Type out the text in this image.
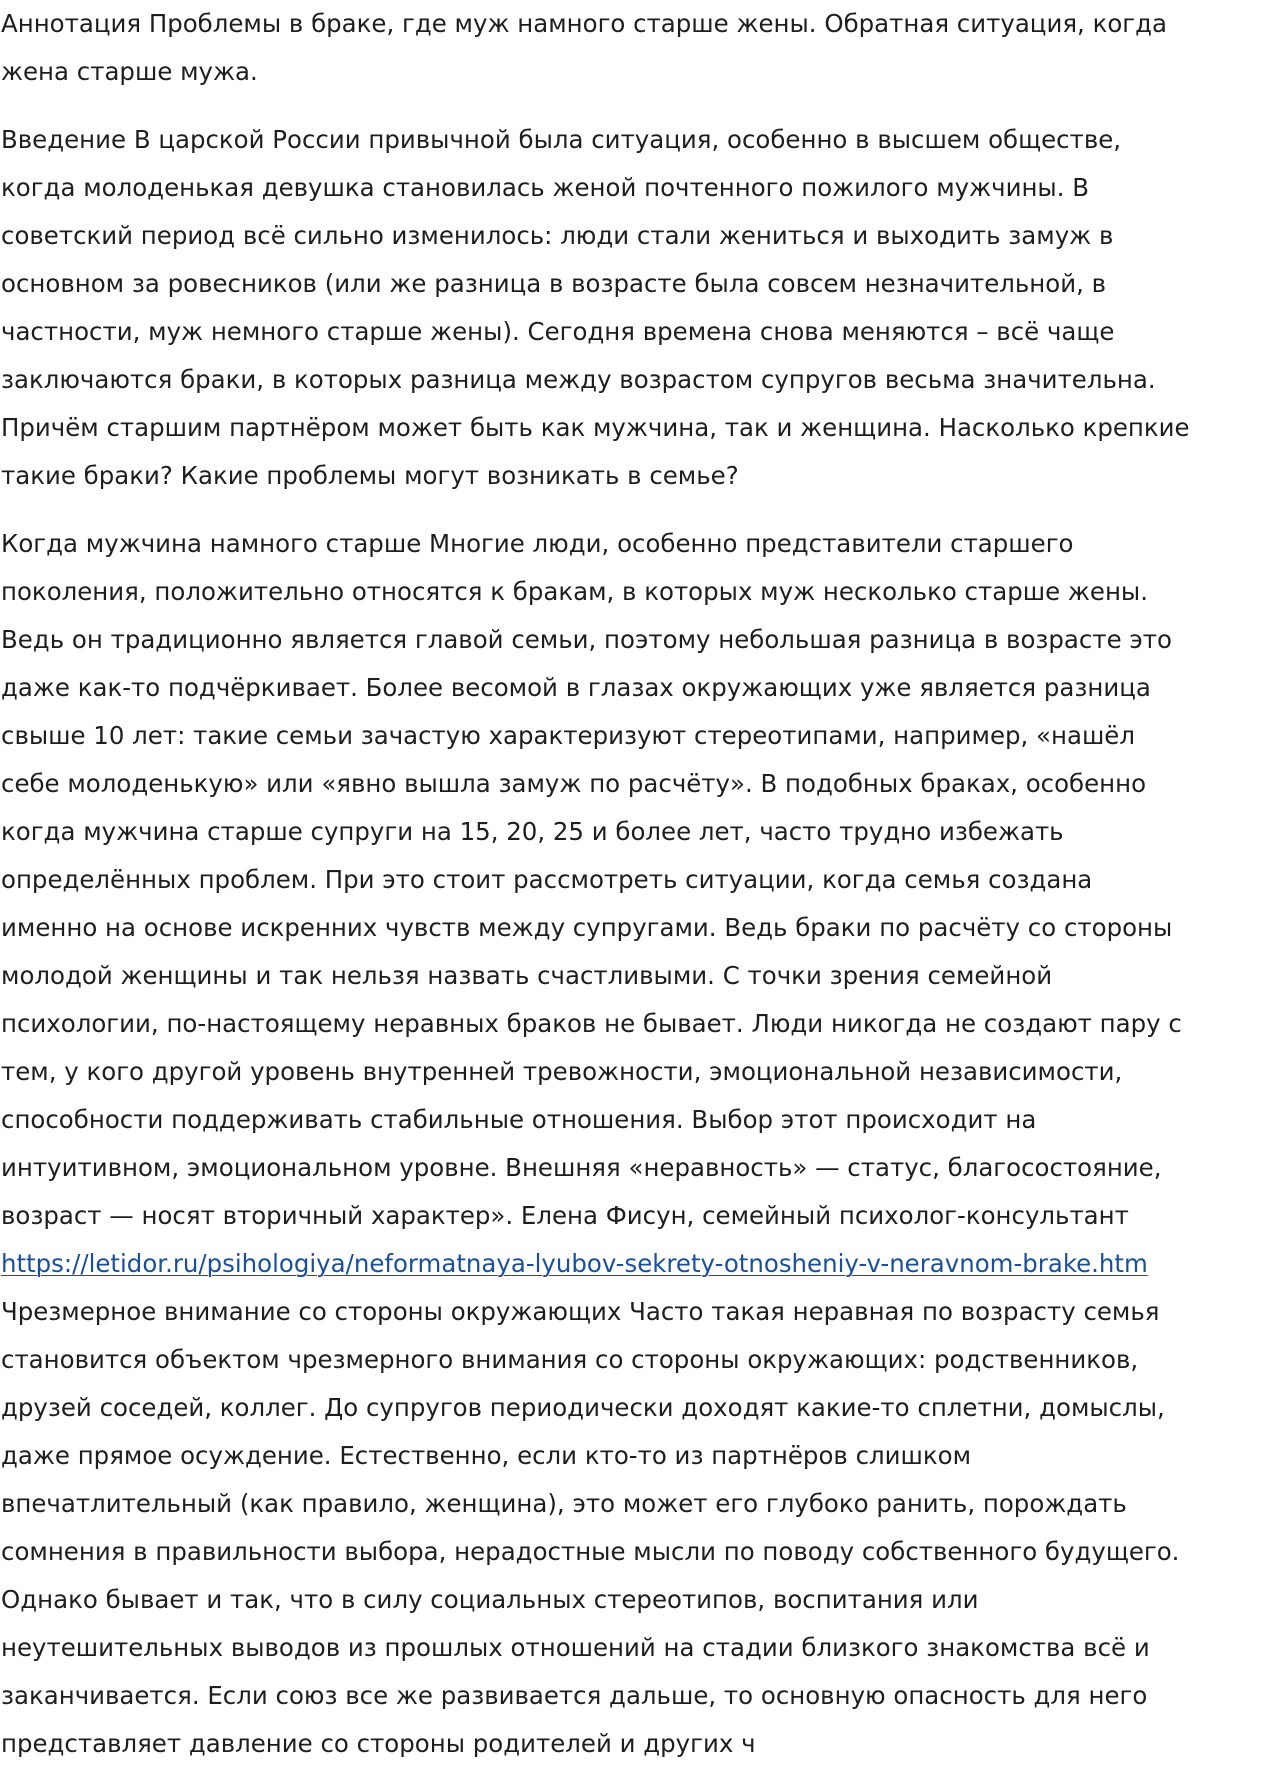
Аннотация Проблемы в браке, где муж намного старше жены. Обратная ситуация, когда
жена старше мужа.
Введение В царской России привычной была ситуация, особенно в высшем обществе,
когда молоденькая девушка становилась женой почтенного пожилого мужчины. В
советский период всё сильно изменилось: люди стали жениться и выходить замуж в
основном за ровесников (или же разница в возрасте была совсем незначительной, в
частности, муж немного старше жены). Сегодня времена снова меняются – всё чаще
заключаются браки, в которых разница между возрастом супругов весьма значительна.
Причём старшим партнёром может быть как мужчина, так и женщина. Насколько крепкие
такие браки? Какие проблемы могут возникать в семье?
Когда мужчина намного старше Многие люди, особенно представители старшего
поколения, положительно относятся к бракам, в которых муж несколько старше жены.
Ведь он традиционно является главой семьи, поэтому небольшая разница в возрасте это
даже как-то подчёркивает. Более весомой в глазах окружающих уже является разница
свыше 10 лет: такие семьи зачастую характеризуют стереотипами, например, «нашёл
себе молоденькую» или «явно вышла замуж по расчёту». В подобных браках, особенно
когда мужчина старше супруги на 15, 20, 25 и более лет, часто трудно избежать
определённых проблем. При это стоит рассмотреть ситуации, когда семья создана
именно на основе искренних чувств между супругами. Ведь браки по расчёту со стороны
молодой женщины и так нельзя назвать счастливыми. С точки зрения семейной
психологии, по-настоящему неравных браков не бывает. Люди никогда не создают пару с
тем, у кого другой уровень внутренней тревожности, эмоциональной независимости,
способности поддерживать стабильные отношения. Выбор этот происходит на
интуитивном, эмоциональном уровне. Внешняя «неравность» — статус, благосостояние,
возраст — носят вторичный характер». Елена Фисун, семейный психолог-консультант
https://letidor.ru/psihologiya/neformatnaya-lyubov-sekrety-otnosheniy-v-neravnom-brake.htm
Чрезмерное внимание со стороны окружающих Часто такая неравная по возрасту семья
становится объектом чрезмерного внимания со стороны окружающих: родственников,
друзей соседей, коллег. До супругов периодически доходят какие-то сплетни, домыслы,
даже прямое осуждение. Естественно, если кто-то из партнёров слишком
впечатлительный (как правило, женщина), это может его глубоко ранить, порождать
сомнения в правильности выбора, нерадостные мысли по поводу собственного будущего.
Однако бывает и так, что в силу социальных стереотипов, воспитания или
неутешительных выводов из прошлых отношений на стадии близкого знакомства всё и
заканчивается. Если союз все же развивается дальше, то основную опасность для него
представляет давление со стороны родителей и других ч
